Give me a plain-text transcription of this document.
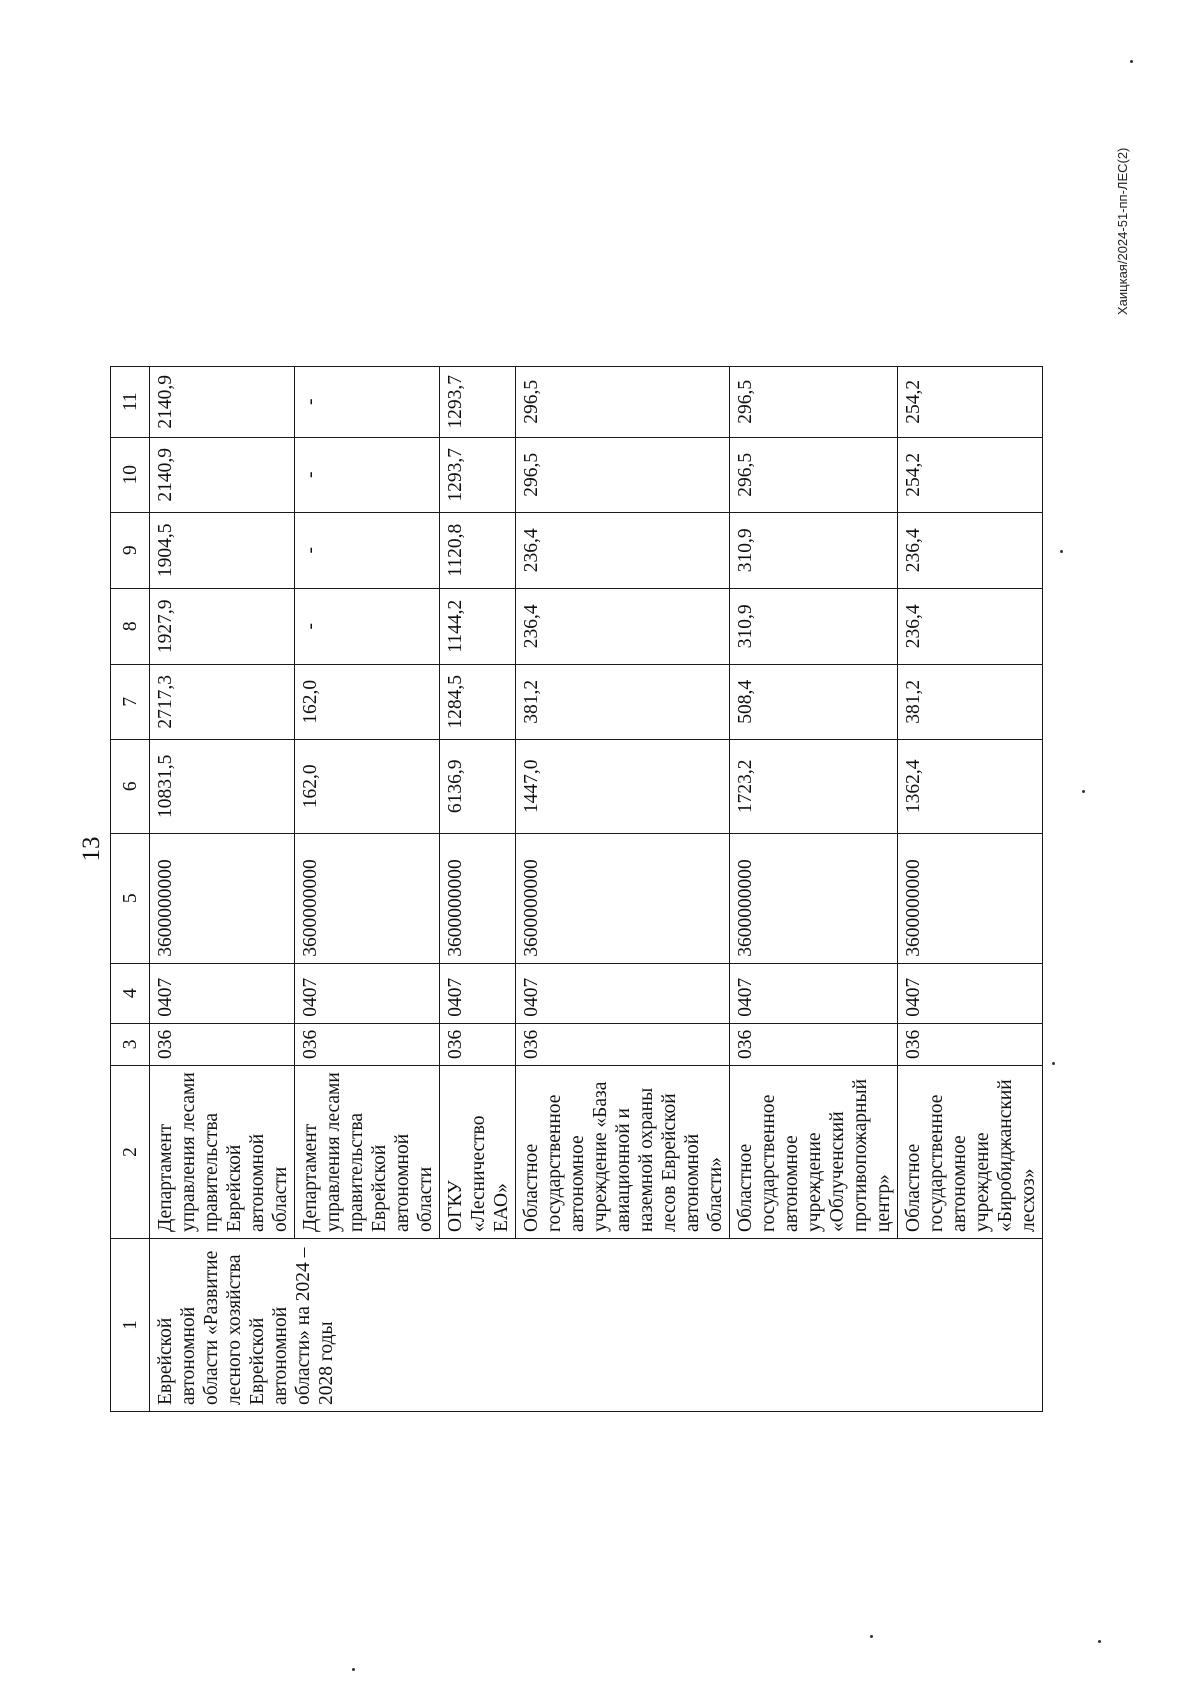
13
1	2	3	4	5	6	7	8	9	10	11
Еврейской автономной области «Развитие лесного хозяйства Еврейской автономной области» на 2024 – 2028 годы	Департамент управления лесами правительства Еврейской автономной области	036	0407	3600000000	10831,5	2717,3	1927,9	1904,5	2140,9	2140,9
	Департамент управления лесами правительства Еврейской автономной области	036	0407	3600000000	162,0	162,0	-	-	-	-
	ОГКУ «Лесничество ЕАО»	036	0407	3600000000	6136,9	1284,5	1144,2	1120,8	1293,7	1293,7
	Областное государственное автономное учреждение «База авиационной и наземной охраны лесов Еврейской автономной области»	036	0407	3600000000	1447,0	381,2	236,4	236,4	296,5	296,5
	Областное государственное автономное учреждение «Облученский противопожарный центр»	036	0407	3600000000	1723,2	508,4	310,9	310,9	296,5	296,5
	Областное государственное автономное учреждение «Биробиджанский лесхоз»	036	0407	3600000000	1362,4	381,2	236,4	236,4	254,2	254,2
Хаицкая/2024-51-пп-ЛЕС(2)
